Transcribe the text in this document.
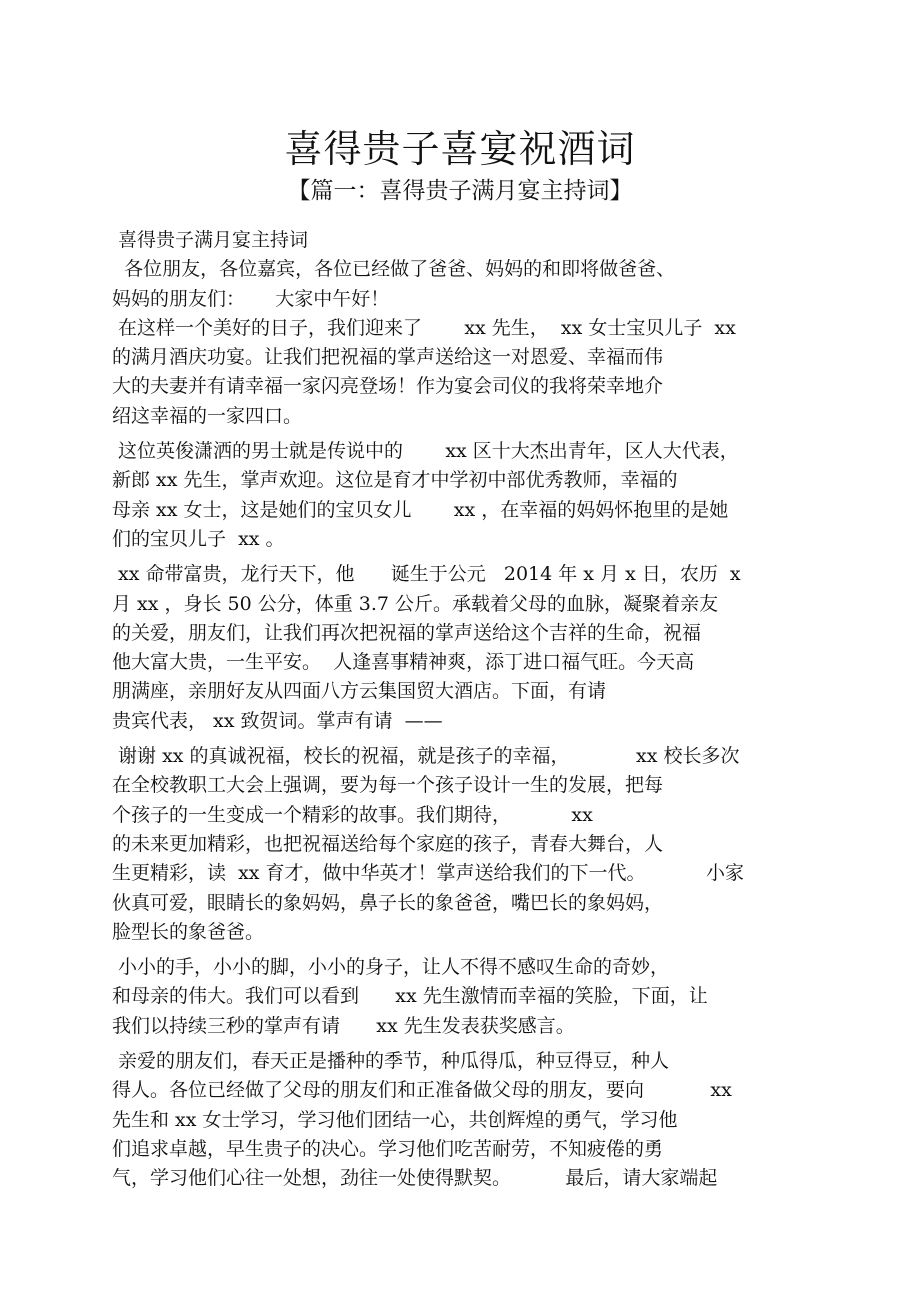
喜得贵子喜宴祝酒词
【篇一：喜得贵子满月宴主持词】
喜得贵子满月宴主持词
各位朋友，各位嘉宾，各位已经做了爸爸、妈妈的和即将做爸爸、
妈妈的朋友们：     大家中午好！
在这样一个美好的日子，我们迎来了       xx 先生，  xx 女士宝贝儿子  xx
的满月酒庆功宴。让我们把祝福的掌声送给这一对恩爱、幸福而伟
大的夫妻并有请幸福一家闪亮登场！作为宴会司仪的我将荣幸地介
绍这幸福的一家四口。
这位英俊潇洒的男士就是传说中的       xx 区十大杰出青年，区人大代表，
新郎 xx 先生，掌声欢迎。这位是育才中学初中部优秀教师，幸福的
母亲 xx 女士，这是她们的宝贝女儿       xx ，在幸福的妈妈怀抱里的是她
们的宝贝儿子  xx 。
xx 命带富贵，龙行天下，他      诞生于公元   2014 年 x 月 x 日，农历  x
月 xx ，身长 50 公分，体重 3.7 公斤。承载着父母的血脉，凝聚着亲友
的关爱，朋友们，让我们再次把祝福的掌声送给这个吉祥的生命，祝福
他大富大贵，一生平安。  人逢喜事精神爽，添丁进口福气旺。今天高
朋满座，亲朋好友从四面八方云集国贸大酒店。下面，有请
贵宾代表， xx 致贺词。掌声有请  ——
谢谢 xx 的真诚祝福，校长的祝福，就是孩子的幸福，           xx 校长多次
在全校教职工大会上强调，要为每一个孩子设计一生的发展，把每
个孩子的一生变成一个精彩的故事。我们期待，          xx
的未来更加精彩，也把祝福送给每个家庭的孩子，青春大舞台，人
生更精彩，读  xx 育才，做中华英才！掌声送给我们的下一代。          小家
伙真可爱，眼睛长的象妈妈，鼻子长的象爸爸，嘴巴长的象妈妈，
脸型长的象爸爸。
小小的手，小小的脚，小小的身子，让人不得不感叹生命的奇妙，
和母亲的伟大。我们可以看到      xx 先生激情而幸福的笑脸，下面，让
我们以持续三秒的掌声有请      xx 先生发表获奖感言。
亲爱的朋友们，春天正是播种的季节，种瓜得瓜，种豆得豆，种人
得人。各位已经做了父母的朋友们和正准备做父母的朋友，要向           xx
先生和 xx 女士学习，学习他们团结一心，共创辉煌的勇气，学习他
们追求卓越，早生贵子的决心。学习他们吃苦耐劳，不知疲倦的勇
气，学习他们心往一处想，劲往一处使得默契。         最后，请大家端起
